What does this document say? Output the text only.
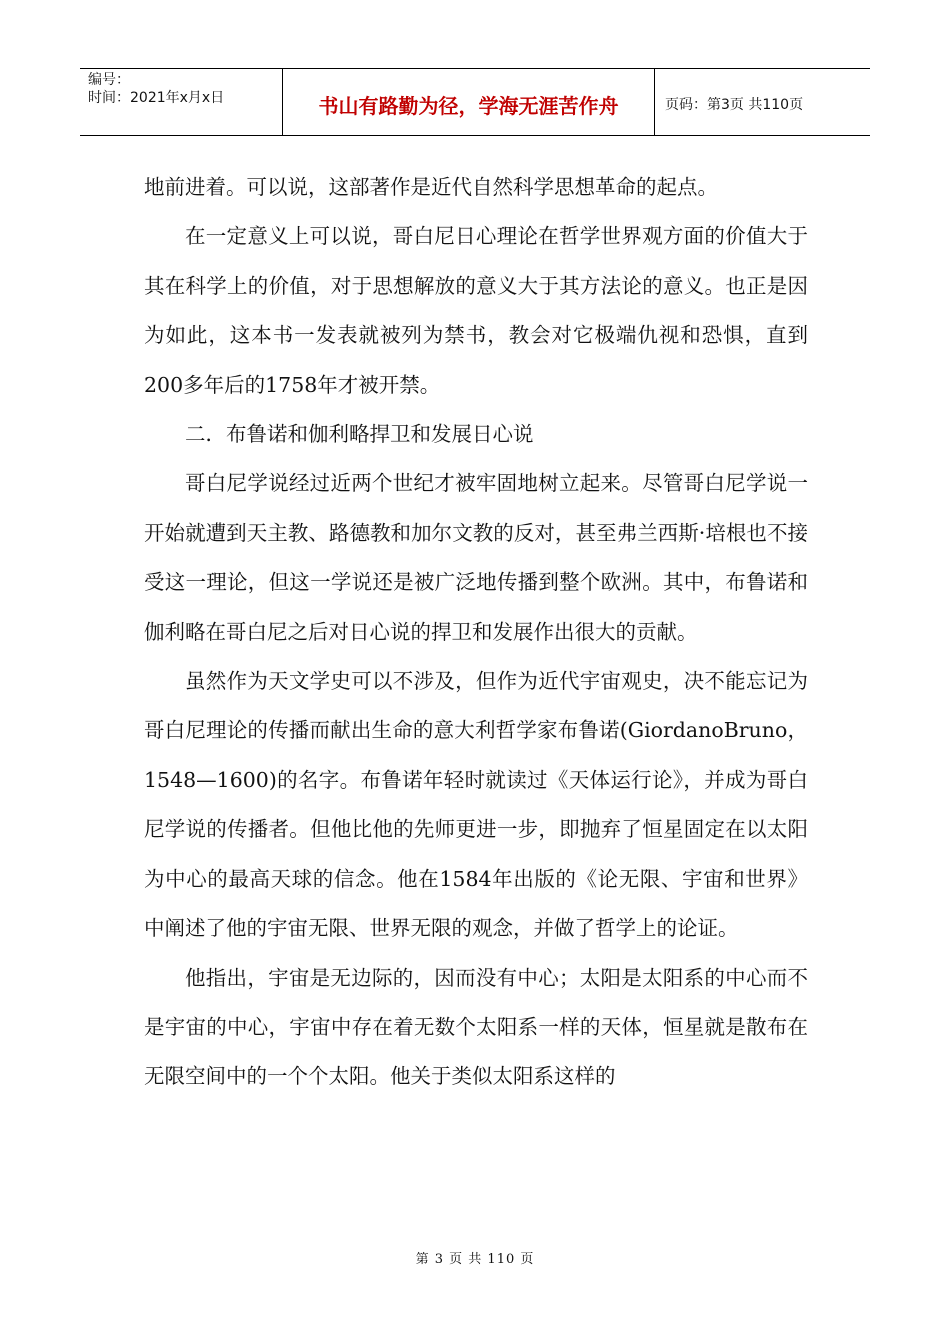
编号：
时间：2021年x月x日	书山有路勤为径，学海无涯苦作舟	页码：第3页 共110页

地前进着。可以说，这部著作是近代自然科学思想革命的起点。

在一定意义上可以说，哥白尼日心理论在哲学世界观方面的价值大于其在科学上的价值，对于思想解放的意义大于其方法论的意义。也正是因为如此，这本书一发表就被列为禁书，教会对它极端仇视和恐惧，直到200多年后的1758年才被开禁。

二．布鲁诺和伽利略捍卫和发展日心说

哥白尼学说经过近两个世纪才被牢固地树立起来。尽管哥白尼学说一开始就遭到天主教、路德教和加尔文教的反对，甚至弗兰西斯·培根也不接受这一理论，但这一学说还是被广泛地传播到整个欧洲。其中，布鲁诺和伽利略在哥白尼之后对日心说的捍卫和发展作出很大的贡献。

虽然作为天文学史可以不涉及，但作为近代宇宙观史，决不能忘记为哥白尼理论的传播而献出生命的意大利哲学家布鲁诺(GiordanoBruno，1548—1600)的名字。布鲁诺年轻时就读过《天体运行论》，并成为哥白尼学说的传播者。但他比他的先师更进一步，即抛弃了恒星固定在以太阳为中心的最高天球的信念。他在1584年出版的《论无限、宇宙和世界》中阐述了他的宇宙无限、世界无限的观念，并做了哲学上的论证。

他指出，宇宙是无边际的，因而没有中心；太阳是太阳系的中心而不是宇宙的中心，宇宙中存在着无数个太阳系一样的天体，恒星就是散布在无限空间中的一个个太阳。他关于类似太阳系这样的

第 3 页 共 110 页
